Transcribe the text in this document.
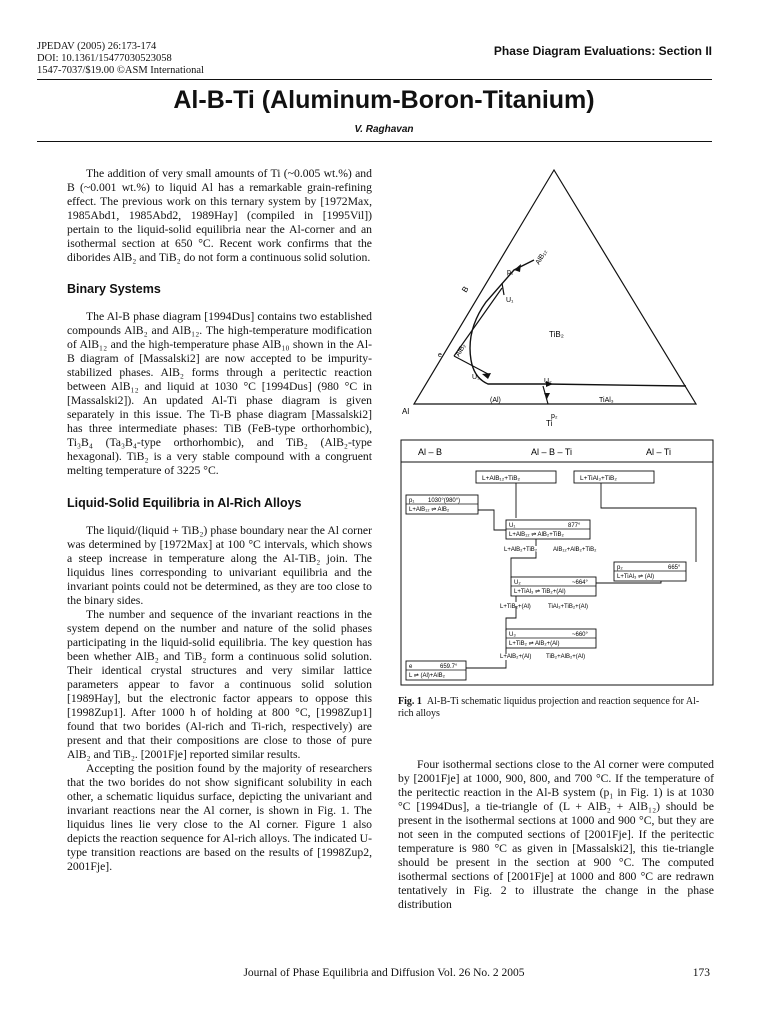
JPEDAV (2005) 26:173-174
DOI: 10.1361/15477030523058
1547-7037/$19.00 ©ASM International
Phase Diagram Evaluations: Section II
Al-B-Ti (Aluminum-Boron-Titanium)
V. Raghavan

The addition of very small amounts of Ti (~0.005 wt.%) and B (~0.001 wt.%) to liquid Al has a remarkable grain-refining effect. The previous work on this ternary system by [1972Max, 1985Abd1, 1985Abd2, 1989Hay] (compiled in [1995Vil]) pertain to the liquid-solid equilibria near the Al-corner and an isothermal section at 650 °C. Recent work confirms that the diborides AlB₂ and TiB₂ do not form a continuous solid solution.

Binary Systems

The Al-B phase diagram [1994Dus] contains two established compounds AlB₂ and AlB₁₂. The high-temperature modification of AlB₁₂ and the high-temperature phase AlB₁₀ shown in the Al-B diagram of [Massalski2] are now accepted to be impurity-stabilized phases. AlB₂ forms through a peritectic reaction between AlB₁₂ and liquid at 1030 °C [1994Dus] (980 °C in [Massalski2]). An updated Al-Ti phase diagram is given separately in this issue. The Ti-B phase diagram [Massalski2] has three intermediate phases: TiB (FeB-type orthorhombic), Ti₃B₄ (Ta₃B₄-type orthorhombic), and TiB₂ (AlB₂-type hexagonal). TiB₂ is a very stable compound with a congruent melting temperature of 3225 °C.

Liquid-Solid Equilibria in Al-Rich Alloys

The liquid/(liquid + TiB₂) phase boundary near the Al corner was determined by [1972Max] at 100 °C intervals, which shows a steep increase in temperature along the Al-TiB₂ join. The liquidus lines corresponding to univariant equilibria and the invariant points could not be determined, as they are too close to the binary sides.

The number and sequence of the invariant reactions in the system depend on the number and nature of the solid phases participating in the liquid-solid equilibria. The key question has been whether AlB₂ and TiB₂ form a continuous solid solution. Their identical crystal structures and very similar lattice parameters appear to favor a continuous solid solution [1989Hay], but the electronic factor appears to oppose this [1998Zup1]. After 1000 h of holding at 800 °C, [1998Zup1] found that two borides (Al-rich and Ti-rich, respectively) are present and that their compositions are close to those of pure AlB₂ and TiB₂. [2001Fje] reported similar results.

Accepting the position found by the majority of researchers that the two borides do not show significant solubility in each other, a schematic liquidus surface, depicting the univariant and invariant reactions near the Al corner, is shown in Fig. 1. The liquidus lines lie very close to the Al corner. Figure 1 also depicts the reaction sequence for Al-rich alloys. The indicated U-type transition reactions are based on the results of [1998Zup2, 2001Fje].

Al
Ti
B
AlB₁₂
AlB₂
TiB₂
TiAl₃
(Al)
p₁
p₂
U₁
U₂
U₃
e
Al – B	Al – B – Ti	Al – Ti
L+AlB₁₂+TiB₂	L+TiAl₃+TiB₂
p₁ 1030°(980°)
L+AlB₁₂ ⇌ AlB₂
U₁	877°
L+AlB₁₂ ⇌ AlB₂+TiB₂
L+AlB₂+TiB₂	AlB₁₂+AlB₂+TiB₂
p₂	665°
L+TiAl₃ ⇌ (Al)
U₂	~664°
L+TiAl₃ ⇌ TiB₂+(Al)
L+TiB₂+(Al)	TiAl₃+TiB₂+(Al)
U₃	~660°
L+TiB₂ ⇌ AlB₂+(Al)
L+AlB₂+(Al) TiB₂+AlB₂+(Al)
e	659.7°
L ⇌ (Al)+AlB₂
Fig. 1 Al-B-Ti schematic liquidus projection and reaction sequence for Al-rich alloys

Four isothermal sections close to the Al corner were computed by [2001Fje] at 1000, 900, 800, and 700 °C. If the temperature of the peritectic reaction in the Al-B system (p₁ in Fig. 1) is at 1030 °C [1994Dus], a tie-triangle of (L + AlB₂ + AlB₁₂) should be present in the isothermal sections at 1000 and 900 °C, but they are not seen in the computed sections of [2001Fje]. If the peritectic temperature is 980 °C as given in [Massalski2], this tie-triangle should be present in the section at 900 °C. The computed isothermal sections of [2001Fje] at 1000 and 800 °C are redrawn tentatively in Fig. 2 to illustrate the change in the phase distribution

Journal of Phase Equilibria and Diffusion Vol. 26 No. 2 2005	173
